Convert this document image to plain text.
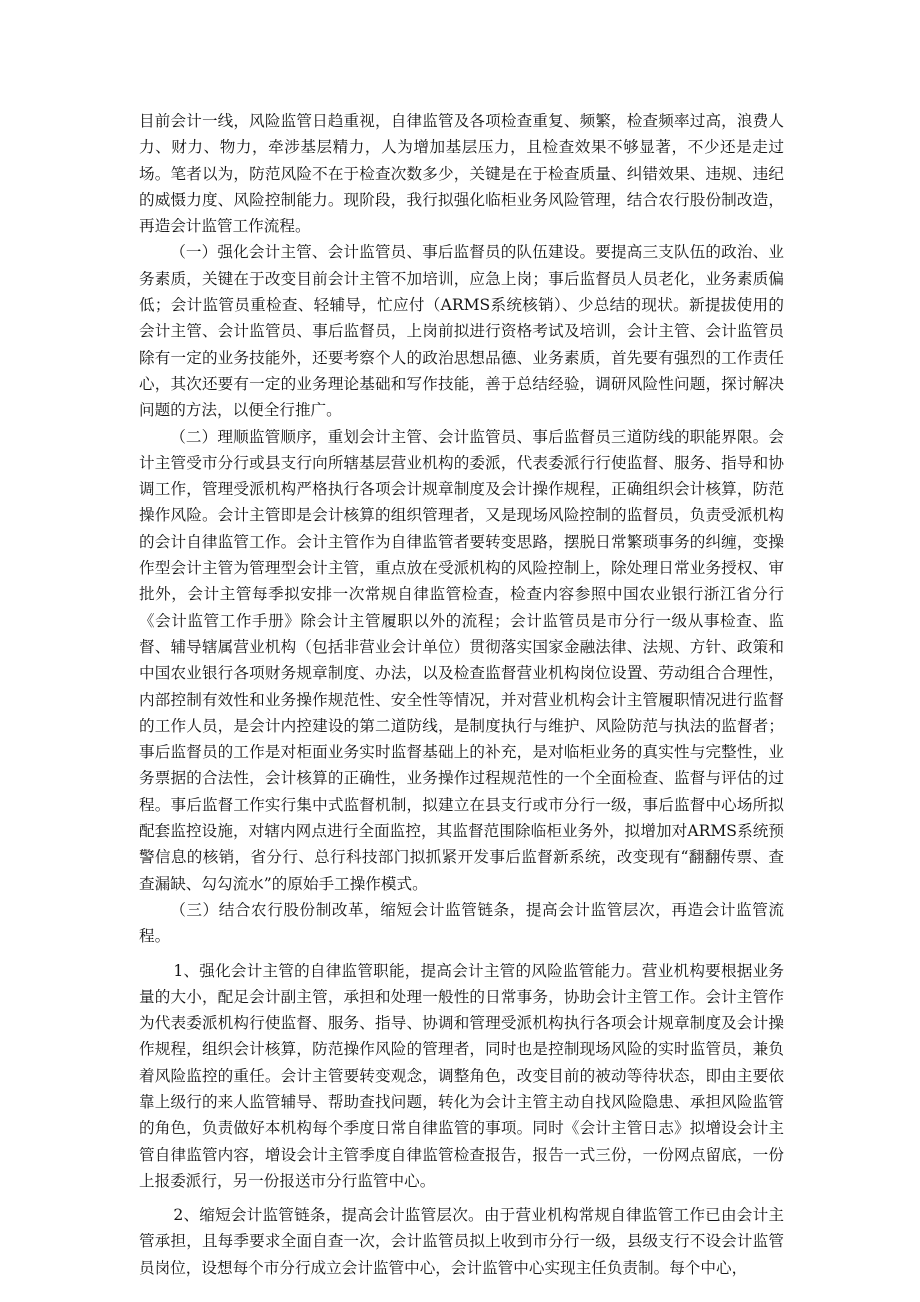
目前会计一线，风险监管日趋重视，自律监管及各项检查重复、频繁，检查频率过高，浪费人力、财力、物力，牵涉基层精力，人为增加基层压力，且检查效果不够显著，不少还是走过场。笔者以为，防范风险不在于检查次数多少，关键是在于检查质量、纠错效果、违规、违纪的威慑力度、风险控制能力。现阶段，我行拟强化临柜业务风险管理，结合农行股份制改造，再造会计监管工作流程。

（一）强化会计主管、会计监管员、事后监督员的队伍建设。要提高三支队伍的政治、业务素质，关键在于改变目前会计主管不加培训，应急上岗；事后监督员人员老化，业务素质偏低；会计监管员重检查、轻辅导，忙应付（ARMS系统核销）、少总结的现状。新提拔使用的会计主管、会计监管员、事后监督员，上岗前拟进行资格考试及培训，会计主管、会计监管员除有一定的业务技能外，还要考察个人的政治思想品德、业务素质，首先要有强烈的工作责任心，其次还要有一定的业务理论基础和写作技能，善于总结经验，调研风险性问题，探讨解决问题的方法，以便全行推广。

（二）理顺监管顺序，重划会计主管、会计监管员、事后监督员三道防线的职能界限。会计主管受市分行或县支行向所辖基层营业机构的委派，代表委派行行使监督、服务、指导和协调工作，管理受派机构严格执行各项会计规章制度及会计操作规程，正确组织会计核算，防范操作风险。会计主管即是会计核算的组织管理者，又是现场风险控制的监督员，负责受派机构的会计自律监管工作。会计主管作为自律监管者要转变思路，摆脱日常繁琐事务的纠缠，变操作型会计主管为管理型会计主管，重点放在受派机构的风险控制上，除处理日常业务授权、审批外，会计主管每季拟安排一次常规自律监管检查，检查内容参照中国农业银行浙江省分行《会计监管工作手册》除会计主管履职以外的流程；会计监管员是市分行一级从事检查、监督、辅导辖属营业机构（包括非营业会计单位）贯彻落实国家金融法律、法规、方针、政策和中国农业银行各项财务规章制度、办法，以及检查监督营业机构岗位设置、劳动组合合理性，内部控制有效性和业务操作规范性、安全性等情况，并对营业机构会计主管履职情况进行监督的工作人员，是会计内控建设的第二道防线，是制度执行与维护、风险防范与执法的监督者；事后监督员的工作是对柜面业务实时监督基础上的补充，是对临柜业务的真实性与完整性，业务票据的合法性，会计核算的正确性，业务操作过程规范性的一个全面检查、监督与评估的过程。事后监督工作实行集中式监督机制，拟建立在县支行或市分行一级，事后监督中心场所拟配套监控设施，对辖内网点进行全面监控，其监督范围除临柜业务外，拟增加对ARMS系统预警信息的核销，省分行、总行科技部门拟抓紧开发事后监督新系统，改变现有“翻翻传票、查查漏缺、勾勾流水”的原始手工操作模式。

（三）结合农行股份制改革，缩短会计监管链条，提高会计监管层次，再造会计监管流程。

1、强化会计主管的自律监管职能，提高会计主管的风险监管能力。营业机构要根据业务量的大小，配足会计副主管，承担和处理一般性的日常事务，协助会计主管工作。会计主管作为代表委派机构行使监督、服务、指导、协调和管理受派机构执行各项会计规章制度及会计操作规程，组织会计核算，防范操作风险的管理者，同时也是控制现场风险的实时监管员，兼负着风险监控的重任。会计主管要转变观念，调整角色，改变目前的被动等待状态，即由主要依靠上级行的来人监管辅导、帮助查找问题，转化为会计主管主动自找风险隐患、承担风险监管的角色，负责做好本机构每个季度日常自律监管的事项。同时《会计主管日志》拟增设会计主管自律监管内容，增设会计主管季度自律监管检查报告，报告一式三份，一份网点留底，一份上报委派行，另一份报送市分行监管中心。

2、缩短会计监管链条，提高会计监管层次。由于营业机构常规自律监管工作已由会计主管承担，且每季要求全面自查一次，会计监管员拟上收到市分行一级，县级支行不设会计监管员岗位，设想每个市分行成立会计监管中心，会计监管中心实现主任负责制。每个中心，
